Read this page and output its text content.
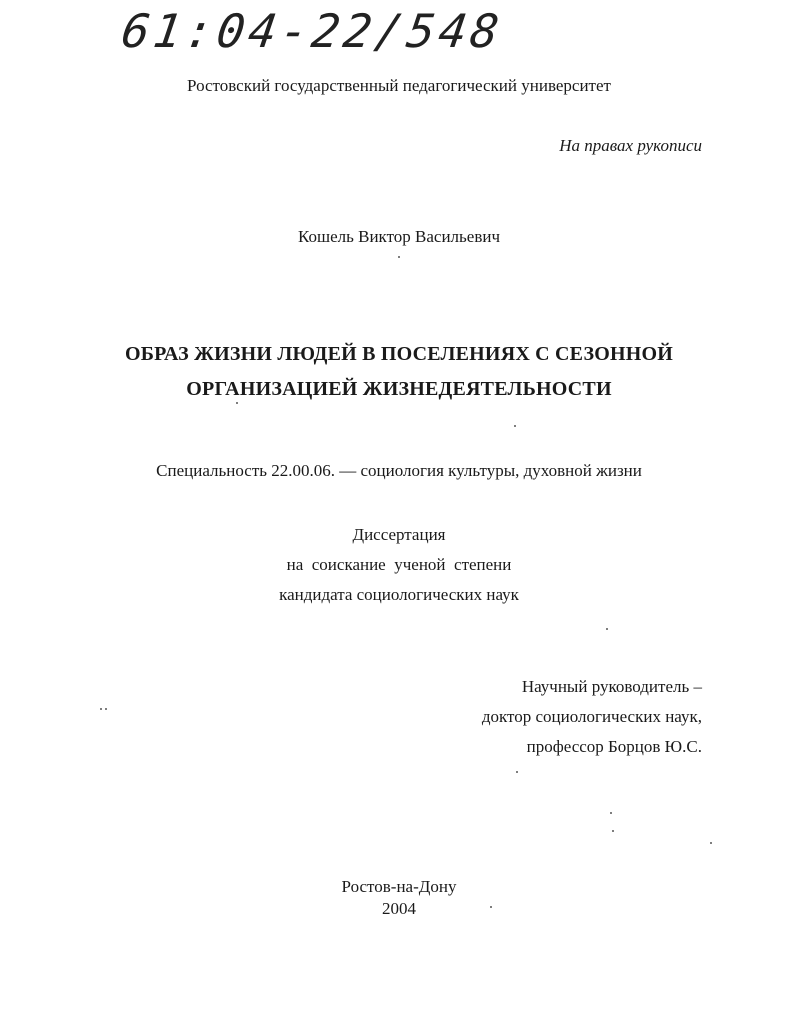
61:04-22/548
Ростовский государственный педагогический университет
На правах рукописи
Кошель Виктор Васильевич
ОБРАЗ ЖИЗНИ ЛЮДЕЙ В ПОСЕЛЕНИЯХ С СЕЗОННОЙ
ОРГАНИЗАЦИЕЙ ЖИЗНЕДЕЯТЕЛЬНОСТИ
Специальность 22.00.06. — социология культуры, духовной жизни
Диссертация
на  соискание  ученой  степени
кандидата социологических наук
Научный руководитель –
доктор социологических наук,
профессор Борцов Ю.С.
Ростов-на-Дону
2004
